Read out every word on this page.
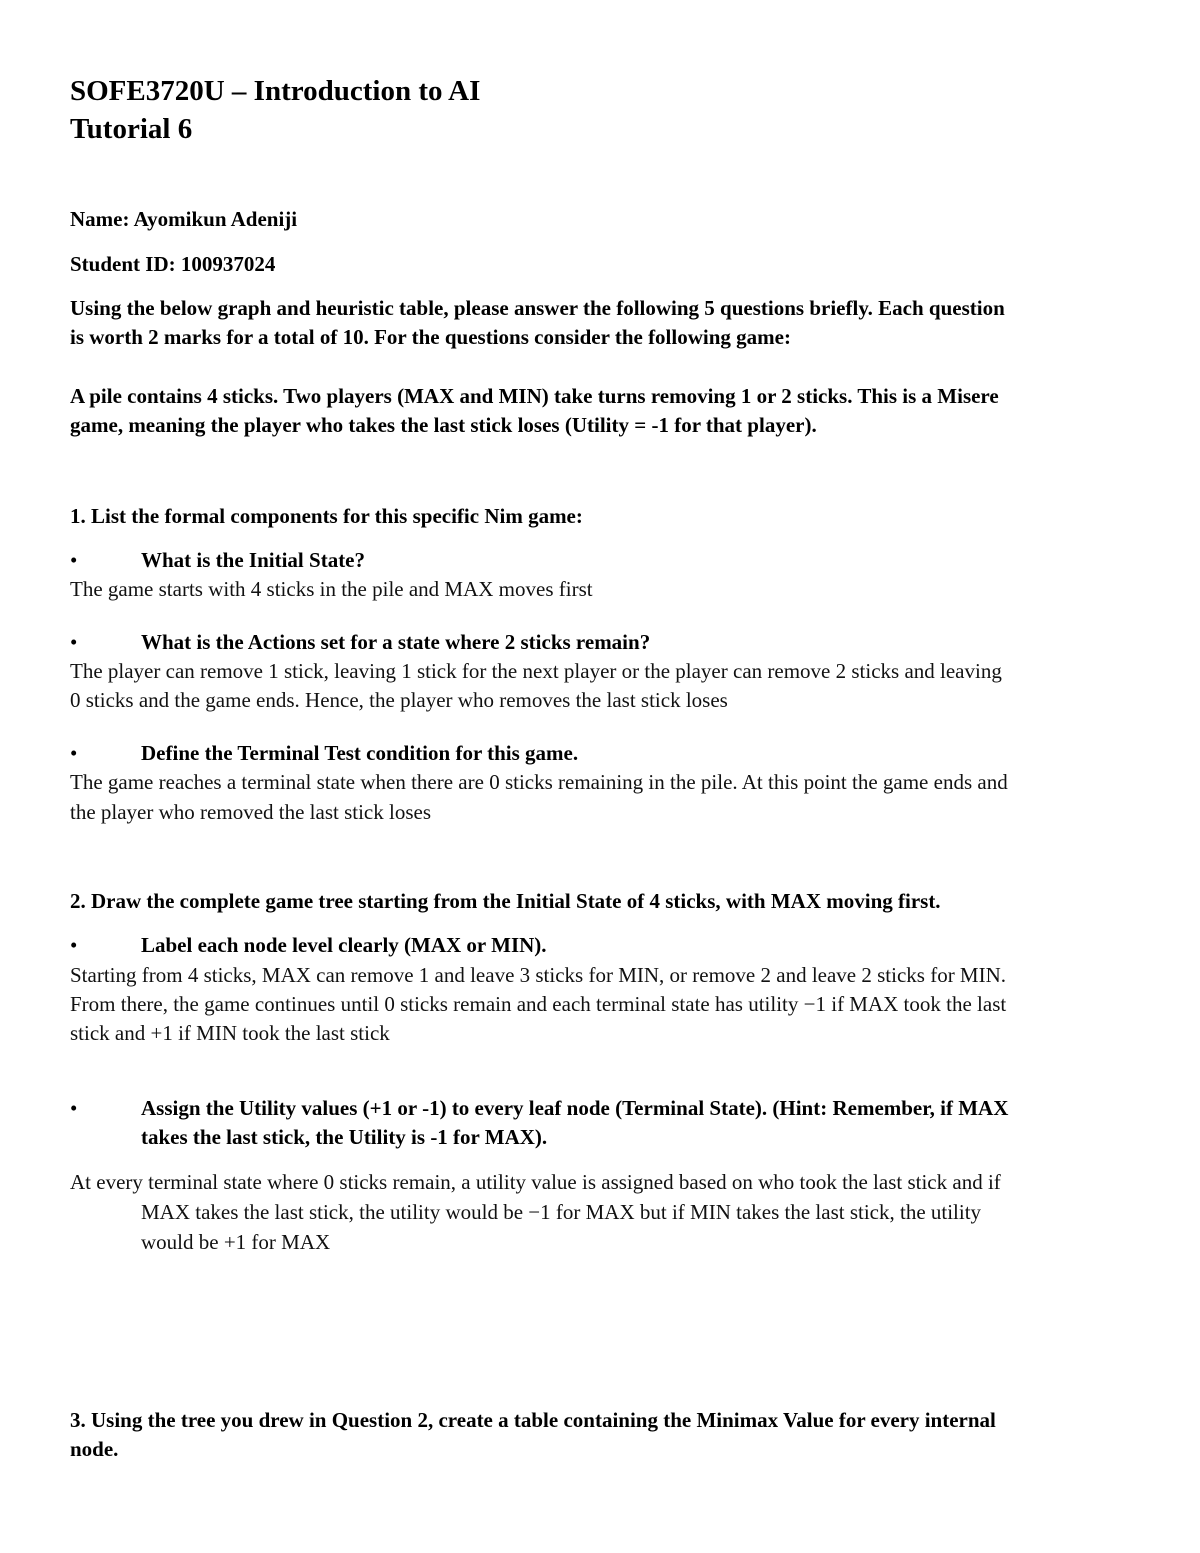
SOFE3720U – Introduction to AI
Tutorial 6
Name: Ayomikun Adeniji
Student ID: 100937024
Using the below graph and heuristic table, please answer the following 5 questions briefly. Each question
is worth 2 marks for a total of 10. For the questions consider the following game:
A pile contains 4 sticks. Two players (MAX and MIN) take turns removing 1 or 2 sticks. This is a Misere
game, meaning the player who takes the last stick loses (Utility = -1 for that player).
1. List the formal components for this specific Nim game:
•	What is the Initial State?
The game starts with 4 sticks in the pile and MAX moves first
•	What is the Actions set for a state where 2 sticks remain?
The player can remove 1 stick, leaving 1 stick for the next player or the player can remove 2 sticks and leaving
0 sticks and the game ends. Hence, the player who removes the last stick loses
•	Define the Terminal Test condition for this game.
The game reaches a terminal state when there are 0 sticks remaining in the pile. At this point the game ends and
the player who removed the last stick loses
2. Draw the complete game tree starting from the Initial State of 4 sticks, with MAX moving first.
•	Label each node level clearly (MAX or MIN).
Starting from 4 sticks, MAX can remove 1 and leave 3 sticks for MIN, or remove 2 and leave 2 sticks for MIN.
From there, the game continues until 0 sticks remain and each terminal state has utility −1 if MAX took the last
stick and +1 if MIN took the last stick
•	Assign the Utility values (+1 or -1) to every leaf node (Terminal State). (Hint: Remember, if MAX
takes the last stick, the Utility is -1 for MAX).
At every terminal state where 0 sticks remain, a utility value is assigned based on who took the last stick and if
MAX takes the last stick, the utility would be −1 for MAX but if MIN takes the last stick, the utility
would be +1 for MAX
3. Using the tree you drew in Question 2, create a table containing the Minimax Value for every internal
node.
